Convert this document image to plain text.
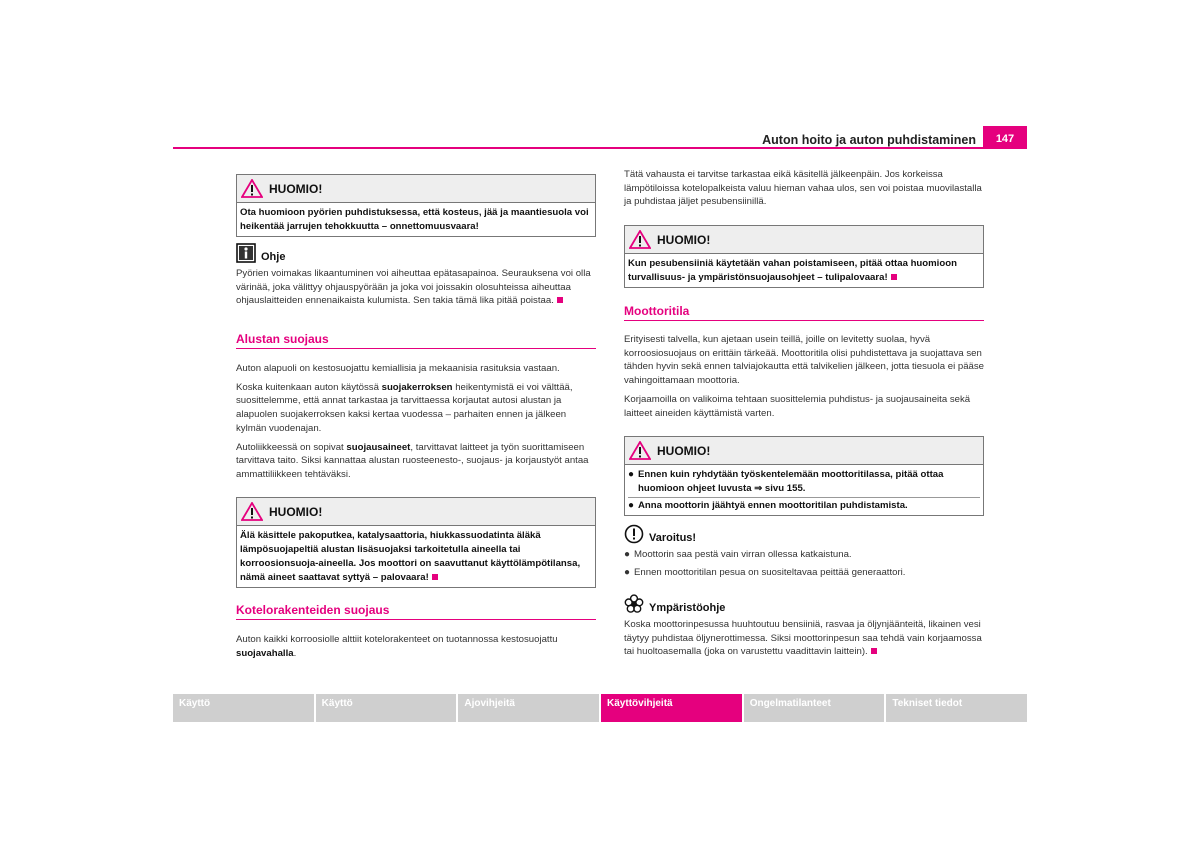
Auton hoito ja auton puhdistaminen	147
HUOMIO!
Ota huomioon pyörien puhdistuksessa, että kosteus, jää ja maantiesuola voi heikentää jarrujen tehokkuutta – onnettomuusvaara!
Ohje

Pyörien voimakas likaantuminen voi aiheuttaa epätasapainoa. Seurauksena voi olla värinää, joka välittyy ohjauspyörään ja joka voi joissakin olosuhteissa aiheuttaa ohjauslaitteiden ennenaikaista kulumista. Sen takia tämä lika pitää poistaa.

Alustan suojaus

Auton alapuoli on kestosuojattu kemiallisia ja mekaanisia rasituksia vastaan.

Koska kuitenkaan auton käytössä suojakerroksen heikentymistä ei voi välttää, suosittelemme, että annat tarkastaa ja tarvittaessa korjautat autosi alustan ja alapuolen suojakerroksen kaksi kertaa vuodessa – parhaiten ennen ja jälkeen kylmän vuodenajan.

Autoliikkeessä on sopivat suojausaineet, tarvittavat laitteet ja työn suorittamiseen tarvittava taito. Siksi kannattaa alustan ruosteenesto-, suojaus- ja korjaustyöt antaa ammattiliikkeen tehtäväksi.

HUOMIO!
Älä käsittele pakoputkea, katalysaattoria, hiukkassuodatinta äläkä lämpösuojapeltiä alustan lisäsuojaksi tarkoitetulla aineella tai korroosionsuoja-aineella. Jos moottori on saavuttanut käyttölämpötilansa, nämä aineet saattavat syttyä – palovaara!
Kotelorakenteiden suojaus

Auton kaikki korroosiolle alttiit kotelorakenteet on tuotannossa kestosuojattu suojavahalla.

Tätä vahausta ei tarvitse tarkastaa eikä käsitellä jälkeenpäin. Jos korkeissa lämpötiloissa kotelopalkeista valuu hieman vahaa ulos, sen voi poistaa muovilastalla ja puhdistaa jäljet pesubensiinillä.

HUOMIO!
Kun pesubensiiniä käytetään vahan poistamiseen, pitää ottaa huomioon turvallisuus- ja ympäristönsuojausohjeet – tulipalovaara!
Moottoritila

Erityisesti talvella, kun ajetaan usein teillä, joille on levitetty suolaa, hyvä korroosiosuojaus on erittäin tärkeää. Moottoritila olisi puhdistettava ja suojattava sen tähden hyvin sekä ennen talviajokautta että talvikelien jälkeen, jotta tiesuola ei pääse vahingoittamaan moottoria.

Korjaamoilla on valikoima tehtaan suosittelemia puhdistus- ja suojausaineita sekä laitteet aineiden käyttämistä varten.

HUOMIO!
● Ennen kuin ryhdytään työskentelemään moottoritilassa, pitää ottaa huomioon ohjeet luvusta ⇒ sivu 155.
● Anna moottorin jäähtyä ennen moottoritilan puhdistamista.
Varoitus!

● Moottorin saa pestä vain virran ollessa katkaistuna.

● Ennen moottoritilan pesua on suositeltavaa peittää generaattori.

Ympäristöohje

Koska moottorinpesussa huuhtoutuu bensiiniä, rasvaa ja öljynjäänteitä, likainen vesi täytyy puhdistaa öljynerottimessa. Siksi moottorinpesun saa tehdä vain korjaamossa tai huoltoasemalla (joka on varustettu vaadittavin laittein).

Käyttö	Käyttö	Ajovihjeitä	Käyttövihjeitä	Ongelmatilanteet	Tekniset tiedot
